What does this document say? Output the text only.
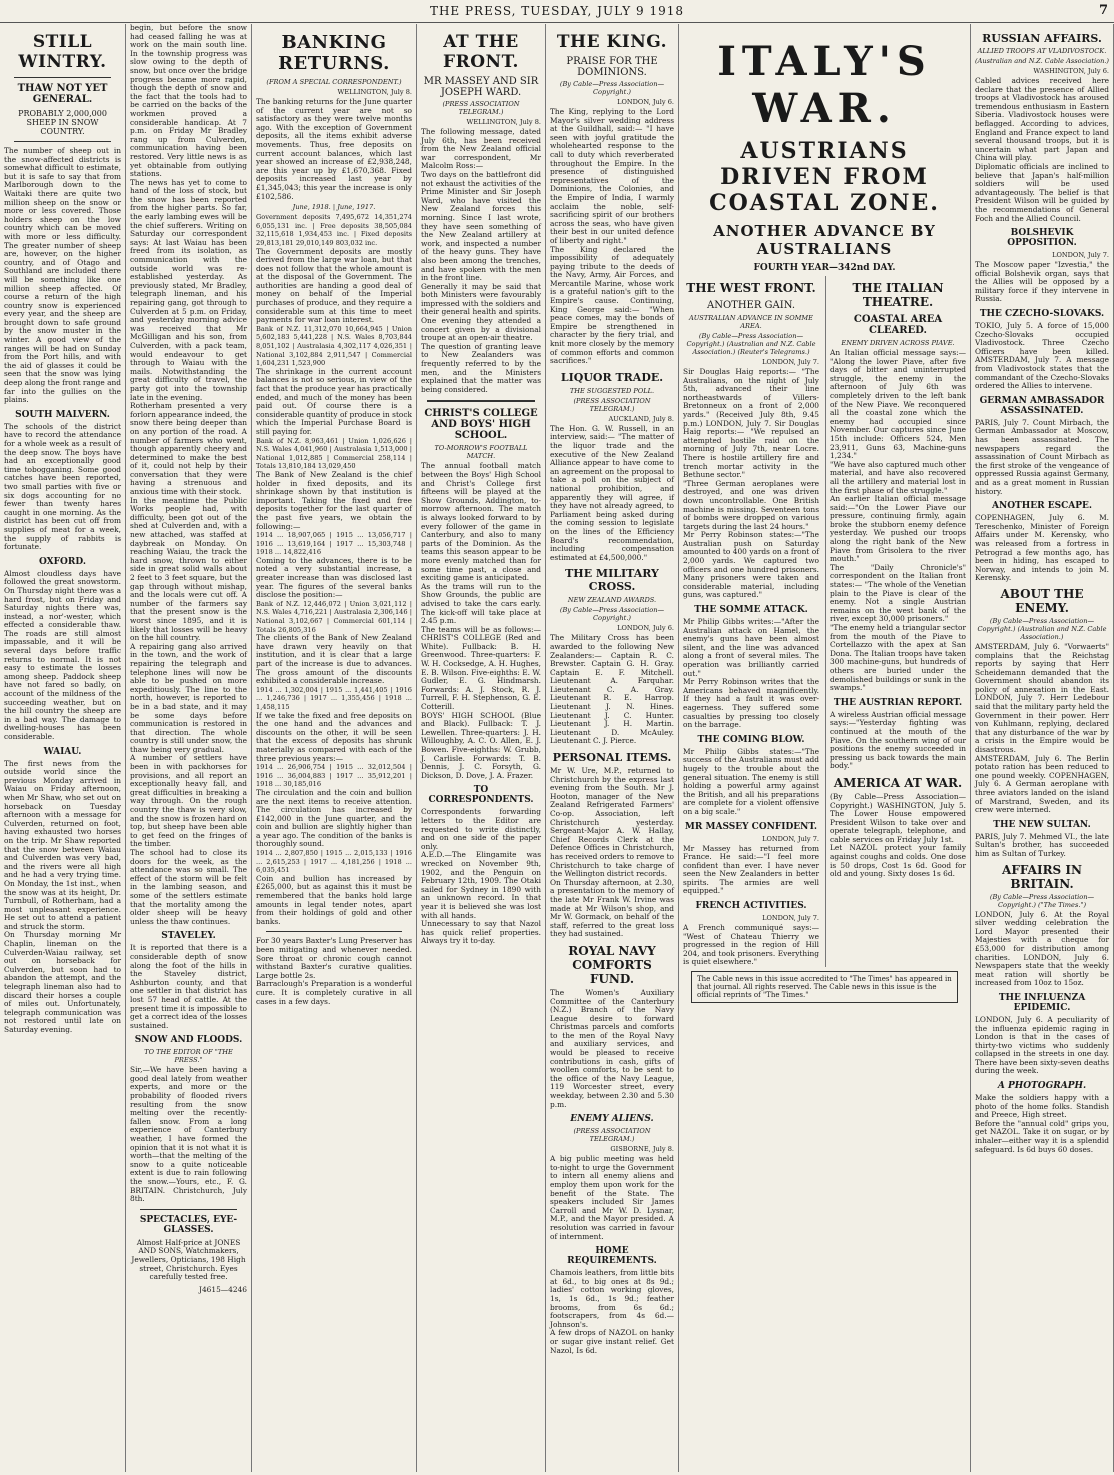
THE PRESS, TUESDAY, JULY 9 1918	7
STILL WINTRY.
THAW NOT YET GENERAL.
PROBABLY 2,000,000 SHEEP IN SNOW COUNTRY.

The number of sheep out in the snow-affected districts is somewhat difficult to estimate, but it is safe to say that from Marlborough down to the Waitaki there are quite two million sheep on the snow or more or less covered. Those holders sheep on the low country which can be moved with more or less difficulty. The greater number of sheep are, however, on the higher country, and of Otago and Southland are included there will be something like one million sheep affected. Of course a return of the high country snow is experienced every year, and the sheep are brought down to safe ground by the snow muster in the winter. A good view of the ranges will be had on Sunday from the Port hills, and with the aid of glasses it could be seen that the snow was lying deep along the front range and far into the gullies on the plains.

SOUTH MALVERN.

The schools of the district have to record the attendance for a whole week as a result of the deep snow. The boys have had an exceptionally good time tobogganing. Some good catches have been reported, two small parties with five or six dogs accounting for no fewer than twenty hares caught in one morning. As the district has been cut off from supplies of meat for a week, the supply of rabbits is fortunate.

OXFORD.

Almost cloudless days have followed the great snowstorm. On Thursday night there was a hard frost, but on Friday and Saturday nights there was, instead, a nor'-wester, which effected a considerable thaw. The roads are still almost impassable, and it will be several days before traffic returns to normal. It is not easy to estimate the losses among sheep. Paddock sheep have not fared so badly, on account of the mildness of the succeeding weather, but on the hill country the sheep are in a bad way. The damage to dwelling-houses has been considerable.

WAIAU.

The first news from the outside world since the previous Monday arrived in Waiau on Friday afternoon, when Mr Shaw, who set out on horseback on Tuesday afternoon with a message for Culverden, returned on foot, having exhausted two horses on the trip. Mr Shaw reported that the snow between Waiau and Culverden was very bad, and the rivers were all high and he had a very trying time. On Monday, the 1st inst., when the snow was at its height, Dr. Turnbull, of Rotherham, had a most unpleasant experience. He set out to attend a patient and struck the storm.

On Thursday morning Mr Chaplin, lineman on the Culverden-Waiau railway, set out on horseback for Culverden, but soon had to abandon the attempt, and the telegraph lineman also had to discard their horses a couple of miles out. Unfortunately, telegraph communication was not restored until late on Saturday evening.

begin, but before the snow had ceased falling he was at work on the main south line. In the township progress was slow owing to the depth of snow, but once over the bridge progress became more rapid, though the depth of snow and the fact that the tools had to be carried on the backs of the workmen proved a considerable handicap. At 7 p.m. on Friday Mr Bradley rang up from Culverden, communication having been restored. Very little news is as yet obtainable from outlying stations.

The news has yet to come to hand of the loss of stock, but the snow has been reported from the higher parts. So far, the early lambing ewes will be the chief sufferers. Writing on Saturday our correspondent says: At last Waiau has been freed from its isolation, as communication with the outside world was re-established yesterday. As previously stated, Mr Bradley, telegraph lineman, and his repairing gang, got through to Culverden at 5 p.m. on Friday, and yesterday morning advice was received that Mr McGilligan and his son, from Culverden, with a pack team, would endeavour to get through to Waiau with the mails. Notwithstanding the great difficulty of travel, the party got into the township late in the evening.

Rotherham presented a very forlorn appearance indeed, the snow there being deeper than on any portion of the road. A number of farmers who went, though apparently cheery and determined to make the best of it, could not help by their conversation that they were having a strenuous and anxious time with their stock.

In the meantime the Public Works people had, with difficulty, been got out of the shed at Culverden and, with a new attached, was staffed at daybreak on Monday. On reaching Waiau, the track the hard snow, thrown to either side in great solid walls about 2 feet to 3 feet square, but the gap through without mishap, and the locals were cut off. A number of the farmers say that the present snow is the worst since 1895, and it is likely that losses will be heavy on the hill country.

A repairing gang also arrived in the town, and the work of repairing the telegraph and telephone lines will now be able to be pushed on more expeditiously. The line to the north, however, is reported to be in a bad state, and it may be some days before communication is restored in that direction. The whole country is still under snow, the thaw being very gradual.

A number of settlers have been in with packhorses for provisions, and all report an exceptionally heavy fall, and great difficulties in breaking a way through. On the rough country the thaw is very slow, and the snow is frozen hard on top, but sheep have been able to get feed on the fringes of the timber.

The school had to close its doors for the week, as the attendance was so small. The effect of the storm will be felt in the lambing season, and some of the settlers estimate that the mortality among the older sheep will be heavy unless the thaw continues.

STAVELEY.

It is reported that there is a considerable depth of snow along the foot of the hills in the Staveley district, Ashburton county, and that one settler in that district has lost 57 head of cattle. At the present time it is impossible to get a correct idea of the losses sustained.

SNOW AND FLOODS.
TO THE EDITOR OF "THE PRESS."

Sir,—We have been having a good deal lately from weather experts, and more or the probability of flooded rivers resulting from the snow melting over the recently-fallen snow. From a long experience of Canterbury weather, I have formed the opinion that it is not what it is worth—that the melting of the snow to a quite noticeable extent is due to rain following the snow.—Yours, etc., F. G. BRITAIN. Christchurch, July 8th.

SPECTACLES, EYE-GLASSES.

Almost Half-price at JONES AND SONS, Watchmakers, Jewellers, Opticians, 198 High street, Christchurch. Eyes carefully tested free.

J4615—4246

BANKING RETURNS.
(FROM A SPECIAL CORRESPONDENT.)
WELLINGTON, July 8.

The banking returns for the June quarter of the current year are not so satisfactory as they were twelve months ago. With the exception of Government deposits, all the items exhibit adverse movements. Thus, free deposits on current account balances, which last year showed an increase of £2,938,248, are this year up by £1,670,368. Fixed deposits increased last year by £1,345,043; this year the increase is only £102,586.

June, 1918. | June, 1917.

Government deposits 7,495,672 14,351,274 6,055,131 inc. | Free deposits 38,505,084 32,115,618 1,934,453 inc. | Fixed deposits 29,813,181 29,010,149 803,032 inc.

The Government deposits are mostly derived from the large war loan, but that does not follow that the whole amount is at the disposal of the Government. The authorities are handing a good deal of money on behalf of the Imperial purchases of produce, and they require a considerable sum at this time to meet payments for war loan interest.

Bank of N.Z. 11,312,070 10,664,945 | Union 5,602,183 5,441,228 | N.S. Wales 8,703,844 8,051,102 | Australasia 4,302,117 4,026,351 | National 3,102,884 2,911,547 | Commercial 1,604,231 1,523,900

The shrinkage in the current account balances is not so serious, in view of the fact that the produce year has practically ended, and much of the money has been paid out. Of course there is a considerable quantity of produce in stock which the Imperial Purchase Board is still paying for.

Bank of N.Z. 8,963,461 | Union 1,026,626 | N.S. Wales 4,041,960 | Australasia 1,513,000 | National 1,012,885 | Commercial 258,114 | Totals 13,810,184 13,029,450

The Bank of New Zealand is the chief holder in fixed deposits, and its shrinkage shown by that institution is important. Taking the fixed and free deposits together for the last quarter of the past five years, we obtain the following:—

1914 ... 18,907,065 | 1915 ... 13,056,717 | 1916 ... 13,619,164 | 1917 ... 15,303,748 | 1918 ... 14,822,416

Coming to the advances, there is to be noted a very substantial increase, a greater increase than was disclosed last year. The figures of the several banks disclose the position:—

Bank of N.Z. 12,446,072 | Union 3,021,112 | N.S. Wales 4,716,221 | Australasia 2,306,146 | National 3,102,667 | Commercial 601,114 | Totals 26,805,316

The clients of the Bank of New Zealand have drawn very heavily on that institution, and it is clear that a large part of the increase is due to advances. The gross amount of the discounts exhibited a considerable increase.

1914 ... 1,302,004 | 1915 ... 1,441,405 | 1916 ... 1,246,736 | 1917 ... 1,355,456 | 1918 ... 1,458,115

If we take the fixed and free deposits on the one hand and the advances and discounts on the other, it will be seen that the excess of deposits has shrunk materially as compared with each of the three previous years:—

1914 ... 26,906,754 | 1915 ... 32,012,504 | 1916 ... 36,004,883 | 1917 ... 35,912,201 | 1918 ... 30,185,016

The circulation and the coin and bullion are the next items to receive attention. The circulation has increased by £142,000 in the June quarter, and the coin and bullion are slightly higher than a year ago. The condition of the banks is thoroughly sound.

1914 ... 2,807,850 | 1915 ... 2,015,133 | 1916 ... 2,615,253 | 1917 ... 4,181,256 | 1918 ... 6,035,451

Coin and bullion has increased by £265,000, but as against this it must be remembered that the banks hold large amounts in legal tender notes, apart from their holdings of gold and other banks.

For 30 years Baxter's Lung Preserver has been mitigating and whenever needed. Sore throat or chronic cough cannot withstand Baxter's curative qualities. Large bottle 2s.

Barraclough's Preparation is a wonderful cure. It is completely curative in all cases in a few days.

AT THE FRONT.
MR MASSEY AND SIR JOSEPH WARD.
(PRESS ASSOCIATION TELEGRAM.)
WELLINGTON, July 8.

The following message, dated July 6th, has been received from the New Zealand official war correspondent, Mr Malcolm Ross:—

Two days on the battlefront did not exhaust the activities of the Prime Minister and Sir Joseph Ward, who have visited the New Zealand forces this morning. Since I last wrote, they have seen something of the New Zealand artillery at work, and inspected a number of the heavy guns. They have also been among the trenches, and have spoken with the men in the front line.

Generally it may be said that both Ministers were favourably impressed with the soldiers and their general health and spirits. One evening they attended a concert given by a divisional troupe at an open-air theatre.

The question of granting leave to New Zealanders was frequently referred to by the men, and the Ministers explained that the matter was being considered.

CHRIST'S COLLEGE AND BOYS' HIGH SCHOOL.
TO-MORROW'S FOOTBALL MATCH.

The annual football match between the Boys' High School and Christ's College first fifteens will be played at the Show Grounds, Addington, to-morrow afternoon. The match is always looked forward to by every follower of the game in Canterbury, and also to many parts of the Dominion. As the teams this season appear to be more evenly matched than for some time past, a close and exciting game is anticipated.

As the trams will run to the Show Grounds, the public are advised to take the cars early. The kick-off will take place at 2.45 p.m.

The teams will be as follows:— CHRIST'S COLLEGE (Red and White). Fullback: B. H. Greenwood. Three-quarters: F. W. H. Cocksedge, A. H. Hughes, E. B. Wilson. Five-eighths: E. W. Gudler, E. G. Hindmarsh. Forwards: A. J. Stock, R. J. Turrell, F. H. Stephenson, G. E. Cotterill.

BOYS' HIGH SCHOOL (Blue and Black). Fullback: T. J. Lewellen. Three-quarters: J. H. Willoughby, A. C. O. Allen, E. J. Bowen. Five-eighths: W. Grubb, J. Carlisle. Forwards: T. B. Dennis, J. C. Forsyth, G. Dickson, D. Dove, J. A. Frazer.

TO CORRESPONDENTS.

Correspondents forwarding letters to the Editor are requested to write distinctly, and on one side of the paper only.

A.E.D.—The Elingamite was wrecked on November 9th, 1902, and the Penguin on February 12th, 1909. The Otaki sailed for Sydney in 1890 with an unknown record. In that year it is believed she was lost with all hands.

Unnecessary to say that Nazol has quick relief properties. Always try it to-day.

THE KING.
PRAISE FOR THE DOMINIONS.
(By Cable—Press Association—Copyright.)
LONDON, July 6.

The King, replying to the Lord Mayor's silver wedding address at the Guildhall, said:— "I have seen with joyful gratitude the wholehearted response to the call to duty which reverberated throughout the Empire. In the presence of distinguished representatives of the Dominions, the Colonies, and the Empire of India, I warmly acclaim the noble, self-sacrificing spirit of our brothers across the seas, who have given their best in our united defence of liberty and right."

The King declared the impossibility of adequately paying tribute to the deeds of the Navy, Army, Air Forces, and Mercantile Marine, whose work is a grateful nation's gift to the Empire's cause. Continuing, King George said:— "When peace comes, may the bonds of Empire be strengthened in character by the fiery trial, and knit more closely by the memory of common efforts and common sacrifices."

LIQUOR TRADE.
THE SUGGESTED POLL.
(PRESS ASSOCIATION TELEGRAM.)
AUCKLAND, July 8.

The Hon. G. W. Russell, in an interview, said:— "The matter of the liquor trade and the executive of the New Zealand Alliance appear to have come to an agreement on the proposal to take a poll on the subject of national prohibition, and apparently they will agree, if they have not already agreed, to Parliament being asked during the coming session to legislate on the lines of the Efficiency Board's recommendation, including compensation estimated at £4,500,000."

THE MILITARY CROSS.
NEW ZEALAND AWARDS.
(By Cable—Press Association—Copyright.)
LONDON, July 6.

The Military Cross has been awarded to the following New Zealanders:— Captain R. C. Brewster. Captain G. H. Gray. Captain E. F. Mitchell. Lieutenant A. Farquhar. Lieutenant C. A. Gray. Lieutenant R. E. Harrop. Lieutenant J. N. Hines. Lieutenant J. C. Hunter. Lieutenant J. H. Martin. Lieutenant D. McAuley. Lieutenant C. J. Pierce.

PERSONAL ITEMS.

Mr W. Ure, M.P., returned to Christchurch by the express last evening from the South. Mr J. Hooton, manager of the New Zealand Refrigerated Farmers' Co-op. Association, left Christchurch yesterday. Sergeant-Major A. W. Hallay, Chief Records Clerk at the Defence Offices in Christchurch, has received orders to remove to Christchurch to take charge of the Wellington district records.

On Thursday afternoon, at 2.30, a presentation to the memory of the late Mr Frank W. Irvine was made at Mr Wilson's shop, and Mr W. Gormack, on behalf of the staff, referred to the great loss they had sustained.

ROYAL NAVY COMFORTS FUND.

The Women's Auxiliary Committee of the Canterbury (N.Z.) Branch of the Navy League desire to forward Christmas parcels and comforts to the men of the Royal Navy and auxiliary services, and would be pleased to receive contributions in cash, gifts of woollen comforts, to be sent to the office of the Navy League, 119 Worcester street, every weekday, between 2.30 and 5.30 p.m.

ENEMY ALIENS.
(PRESS ASSOCIATION TELEGRAM.)
GISBORNE, July 8.

A big public meeting was held to-night to urge the Government to intern all enemy aliens and employ them upon work for the benefit of the State. The speakers included Sir James Carroll and Mr W. D. Lysnar, M.P., and the Mayor presided. A resolution was carried in favour of internment.

HOME REQUIREMENTS.

Chamois leathers, from little bits at 6d., to big ones at 8s 9d.; ladies' cotton working gloves, 1s, 1s 6d., 1s 9d.; feather brooms, from 6s 6d.; footscrapers, from 4s 6d.—Johnson's.

A few drops of NAZOL on hanky or sugar give instant relief. Get Nazol, Is 6d.

ITALY'S WAR.
AUSTRIANS DRIVEN FROM COASTAL ZONE.
ANOTHER ADVANCE BY AUSTRALIANS
FOURTH YEAR—342nd DAY.
THE WEST FRONT.
ANOTHER GAIN.
AUSTRALIAN ADVANCE IN SOMME AREA.
(By Cable—Press Association—Copyright.) (Australian and N.Z. Cable Association.) (Reuter's Telegrams.)
LONDON, July 7.

Sir Douglas Haig reports:— "The Australians, on the night of July 5th, advanced their line northeastwards of Villers-Bretonneux on a front of 2,000 yards." (Received July 8th, 9.45 p.m.) LONDON, July 7. Sir Douglas Haig reports:— "We repulsed an attempted hostile raid on the morning of July 7th, near Locre. There is hostile artillery fire and trench mortar activity in the Bethune sector."

"Three German aeroplanes were destroyed, and one was driven down uncontrollable. One British machine is missing. Seventeen tons of bombs were dropped on various targets during the last 24 hours."

Mr Perry Robinson states:—"The Australian push on Saturday amounted to 400 yards on a front of 2,000 yards. We captured two officers and one hundred prisoners. Many prisoners were taken and considerable material, including guns, was captured."

THE SOMME ATTACK.

Mr Philip Gibbs writes:—"After the Australian attack on Hamel, the enemy's guns have been almost silent, and the line was advanced along a front of several miles. The operation was brilliantly carried out."

Mr Perry Robinson writes that the Americans behaved magnificently. If they had a fault it was over-eagerness. They suffered some casualties by pressing too closely on the barrage.

THE COMING BLOW.

Mr Philip Gibbs states:—"The success of the Australians must add hugely to the trouble about the general situation. The enemy is still holding a powerful army against the British, and all his preparations are complete for a violent offensive on a big scale."

MR MASSEY CONFIDENT.
LONDON, July 7.

Mr Massey has returned from France. He said:—"I feel more confident than ever. I have never seen the New Zealanders in better spirits. The armies are well equipped."

FRENCH ACTIVITIES.
LONDON, July 7.

A French communiqué says:— "West of Chateau Thierry we progressed in the region of Hill 204, and took prisoners. Everything is quiet elsewhere."

THE ITALIAN THEATRE.
COASTAL AREA CLEARED.
ENEMY DRIVEN ACROSS PIAVE.

An Italian official message says:— "Along the lower Piave, after five days of bitter and uninterrupted struggle, the enemy in the afternoon of July 6th was completely driven to the left bank of the New Piave. We reconquered all the coastal zone which the enemy had occupied since November. Our captures since June 15th include: Officers 524, Men 23,911, Guns 63, Machine-guns 1,234."

"We have also captured much other material, and have also recovered all the artillery and material lost in the first phase of the struggle."

An earlier Italian official message said:—"On the Lower Piave our pressure, continuing firmly, again broke the stubborn enemy defence yesterday. We pushed our troops along the right bank of the New Piave from Grisolera to the river mouth."

The "Daily Chronicle's" correspondent on the Italian front states:— "The whole of the Venetian plain to the Piave is clear of the enemy. Not a single Austrian remains on the west bank of the river, except 30,000 prisoners."

"The enemy held a triangular sector from the mouth of the Piave to Cortellazzo with the apex at San Dona. The Italian troops have taken 300 machine-guns, but hundreds of others are buried under the demolished buildings or sunk in the swamps."

THE AUSTRIAN REPORT.

A wireless Austrian official message says:—"Yesterday fighting was continued at the mouth of the Piave. On the southern wing of our positions the enemy succeeded in pressing us back towards the main body."

AMERICA AT WAR.

(By Cable—Press Association—Copyright.) WASHINGTON, July 5. The Lower House empowered President Wilson to take over and operate telegraph, telephone, and cable services on Friday July 1st.

Let NAZOL protect your family against coughs and colds. One dose is 50 drops, Cost 1s 6d. Good for old and young. Sixty doses 1s 6d.

The Cable news in this issue accredited to "The Times" has appeared in that journal. All rights reserved. The Cable news in this issue is the official reprints of "The Times."
RUSSIAN AFFAIRS.
ALLIED TROOPS AT VLADIVOSTOCK.
(Australian and N.Z. Cable Association.)
WASHINGTON, July 6.

Cabled advices received here declare that the presence of Allied troops at Vladivostock has aroused tremendous enthusiasm in Eastern Siberia. Vladivostock houses were beflagged. According to advices, England and France expect to land several thousand troops, but it is uncertain what part Japan and China will play.

Diplomatic officials are inclined to believe that Japan's half-million soldiers will be used advantageously. The belief is that President Wilson will be guided by the recommendations of General Foch and the Allied Council.

BOLSHEVIK OPPOSITION.
LONDON, July 7.

The Moscow paper "Izvestia," the official Bolshevik organ, says that the Allies will be opposed by a military force if they intervene in Russia.

THE CZECHO-SLOVAKS.

TOKIO, July 5. A force of 15,000 Czecho-Slovaks occupied Vladivostock. Three Czecho Officers have been killed. AMSTERDAM, July 7. A message from Vladivostock states that the commandant of the Czecho-Slovaks ordered the Allies to intervene.

GERMAN AMBASSADOR ASSASSINATED.

PARIS, July 7. Count Mirbach, the German Ambassador at Moscow, has been assassinated. The newspapers regard the assassination of Count Mirbach as the first stroke of the vengeance of oppressed Russia against Germany, and as a great moment in Russian history.

ANOTHER ESCAPE.

COPENHAGEN, July 6. M. Tereschenko, Minister of Foreign Affairs under M. Kerensky, who was released from a fortress in Petrograd a few months ago, has been in hiding, has escaped to Norway, and intends to join M. Kerensky.

ABOUT THE ENEMY.
(By Cable—Press Association—Copyright.) (Australian and N.Z. Cable Association.)

AMSTERDAM, July 6. "Vorwaerts" complains that the Reichstag reports by saying that Herr Scheidemann demanded that the Government should abandon its policy of annexation in the East. LONDON, July 7. Herr Ledebour said that the military party held the Government in their power. Herr von Kuhlmann, replying, declared that any disturbance of the war by a crisis in the Empire would be disastrous.

AMSTERDAM, July 6. The Berlin potato ration has been reduced to one pound weekly. COPENHAGEN, July 6. A German aeroplane with three aviators landed on the island of Marstrand, Sweden, and its crew were interned.

THE NEW SULTAN.

PARIS, July 7. Mehmed VI., the late Sultan's brother, has succeeded him as Sultan of Turkey.

AFFAIRS IN BRITAIN.
(By Cable—Press Association—Copyright.) ("The Times.")

LONDON, July 6. At the Royal silver wedding celebration the Lord Mayor presented their Majesties with a cheque for £53,000 for distribution among charities. LONDON, July 6. Newspapers state that the weekly meat ration will shortly be increased from 10oz to 15oz.

THE INFLUENZA EPIDEMIC.

LONDON, July 6. A peculiarity of the influenza epidemic raging in London is that in the cases of thirty-two victims who suddenly collapsed in the streets in one day. There have been sixty-seven deaths during the week.

A PHOTOGRAPH.

Make the soldiers happy with a photo of the home folks. Standish and Preece, High street.

Before the "annual cold" grips you, get NAZOL. Take it on sugar, or by inhaler—either way it is a splendid safeguard. Is 6d buys 60 doses.
